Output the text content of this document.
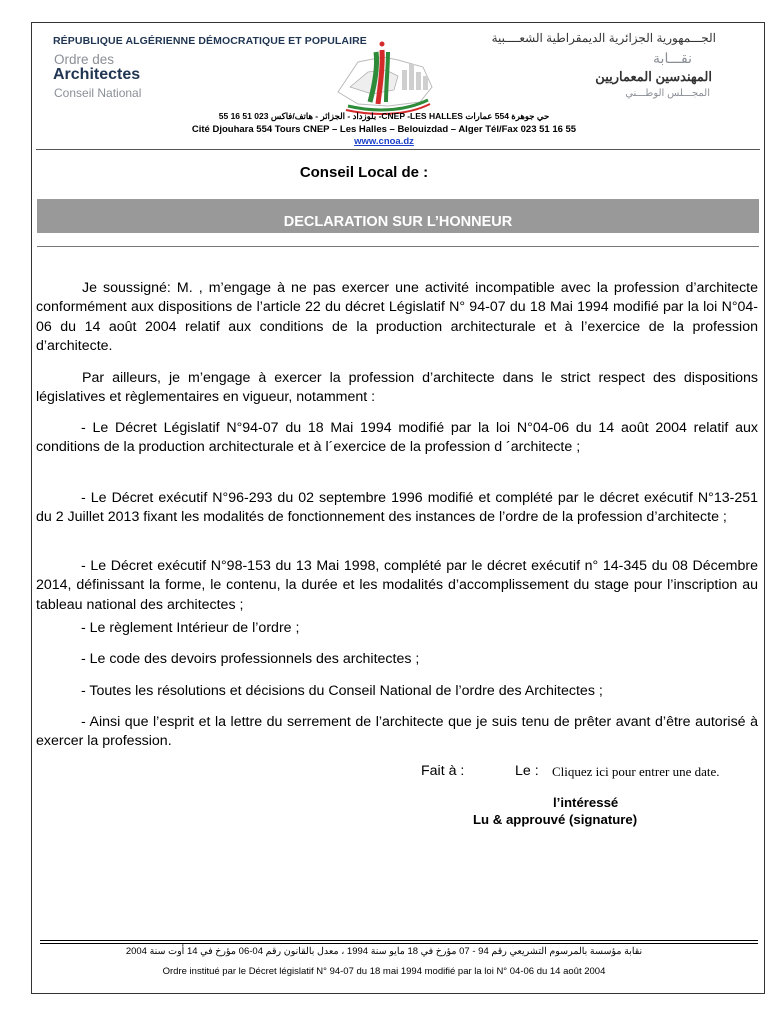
RÉPUBLIQUE ALGÉRIENNE DÉMOCRATIQUE ET POPULAIRE
Ordre des
Architectes
Conseil National
الجـــمهورية الجزائرية الديمقراطية الشعــــبية
نقـــابة
المهندسين المعماريين
المجـــلس الوطـــني
حي جوهرة 554 عمارات CNEP -LES HALLES- بلوزداد - الجزائر - هاتف/فاكس 023 51 16 55
Cité Djouhara 554 Tours CNEP – Les Halles – Belouizdad – Alger Tél/Fax 023 51 16 55
www.cnoa.dz
Conseil Local de :
DECLARATION SUR L’HONNEUR
Je soussigné: M. , m’engage à ne pas exercer une activité incompatible avec la profession d’architecte conformément aux dispositions de l’article 22 du décret Législatif N° 94-07 du 18 Mai 1994 modifié par la loi N°04-06 du 14 août 2004 relatif aux conditions de la production architecturale et à l’exercice de la profession d’architecte.
Par ailleurs, je m’engage à exercer la profession d’architecte dans le strict respect des dispositions législatives et règlementaires en vigueur, notamment :
- Le Décret Législatif N°94-07 du 18 Mai 1994 modifié par la loi N°04-06 du 14 août 2004 relatif aux conditions de la production architecturale et à l´exercice de la profession d ´architecte ;
- Le Décret exécutif N°96-293 du 02 septembre 1996 modifié et complété par le décret exécutif N°13-251 du 2 Juillet 2013 fixant les modalités de fonctionnement des instances de l’ordre de la profession d’architecte ;
- Le Décret exécutif N°98-153 du 13 Mai 1998, complété par le décret exécutif n° 14-345 du 08 Décembre 2014, définissant la forme, le contenu, la durée et les modalités d’accomplissement du stage pour l’inscription au tableau national des architectes ;
- Le règlement Intérieur de l’ordre ;
- Le code des devoirs professionnels des architectes ;
- Toutes les résolutions et décisions du Conseil National de l’ordre des Architectes ;
- Ainsi que l’esprit et la lettre du serrement de l’architecte que je suis tenu de prêter avant d’être autorisé à exercer la profession.
Fait à :	Le : Cliquez ici pour entrer une date.
l’intéressé
Lu & approuvé (signature)
نقابة مؤسسة بالمرسوم التشريعي رقم 94 - 07 مؤرخ في 18 مايو سنة 1994 ، معدل بالقانون رقم 04-06 مؤرخ في 14 أوت سنة 2004
Ordre institué par le Décret législatif N° 94-07 du 18 mai 1994 modifié par la loi N° 04-06 du 14 août 2004
